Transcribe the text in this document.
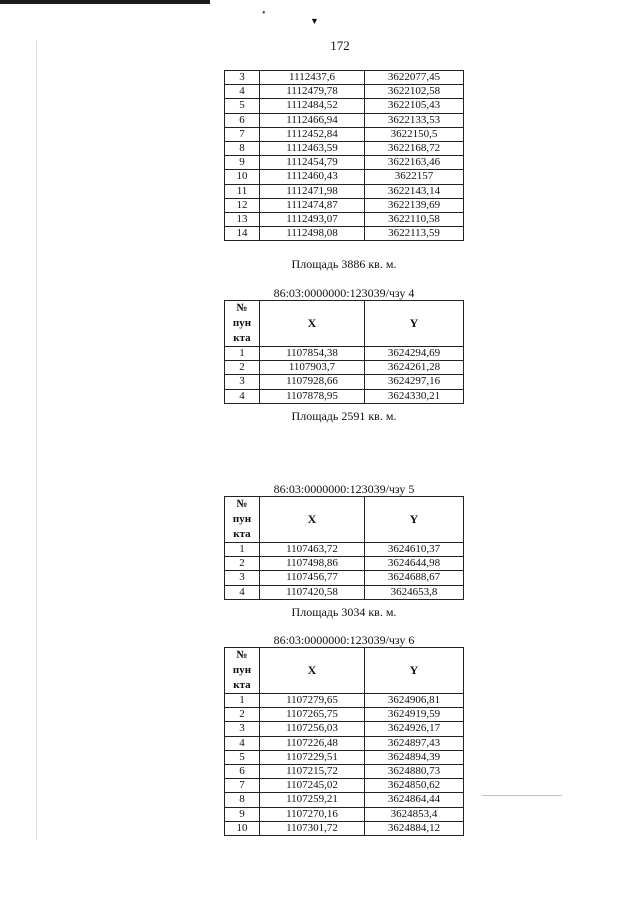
•
▼
172
3	1112437,6	3622077,45
4	1112479,78	3622102,58
5	1112484,52	3622105,43
6	1112466,94	3622133,53
7	1112452,84	3622150,5
8	1112463,59	3622168,72
9	1112454,79	3622163,46
10	1112460,43	3622157
11	1112471,98	3622143,14
12	1112474,87	3622139,69
13	1112493,07	3622110,58
14	1112498,08	3622113,59
Площадь 3886 кв. м.
86:03:0000000:123039/чзу 4
№ пун кта	X	Y
1	1107854,38	3624294,69
2	1107903,7	3624261,28
3	1107928,66	3624297,16
4	1107878,95	3624330,21
Площадь 2591 кв. м.
86:03:0000000:123039/чзу 5
№ пун кта	X	Y
1	1107463,72	3624610,37
2	1107498,86	3624644,98
3	1107456,77	3624688,67
4	1107420,58	3624653,8
Площадь 3034 кв. м.
86:03:0000000:123039/чзу 6
№ пун кта	X	Y
1	1107279,65	3624906,81
2	1107265,75	3624919,59
3	1107256,03	3624926,17
4	1107226,48	3624897,43
5	1107229,51	3624894,39
6	1107215,72	3624880,73
7	1107245,02	3624850,62
8	1107259,21	3624864,44
9	1107270,16	3624853,4
10	1107301,72	3624884,12
